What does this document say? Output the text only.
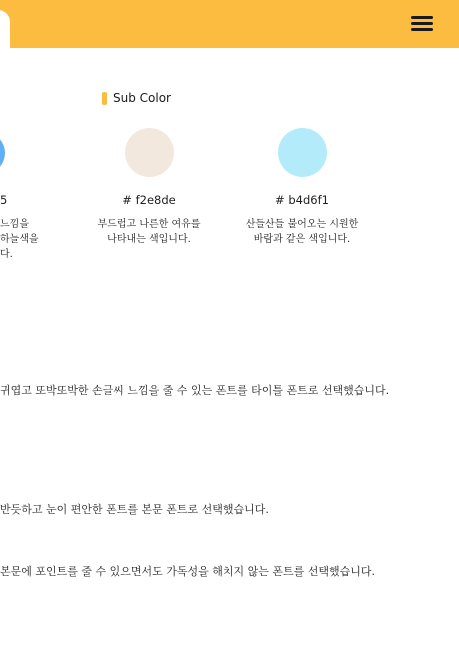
Sub Color
5
느낌을
하늘색을
다.
# f2e8de
부드럽고 나른한 여유를
나타내는 색입니다.
# b4d6f1
산들산들 불어오는 시원한
바람과 같은 색입니다.
귀엽고 또박또박한 손글씨 느낌을 줄 수 있는 폰트를 타이틀 폰트로 선택했습니다.
반듯하고 눈이 편안한 폰트를 본문 폰트로 선택했습니다.
본문에 포인트를 줄 수 있으면서도 가독성을 해치지 않는 폰트를 선택했습니다.
